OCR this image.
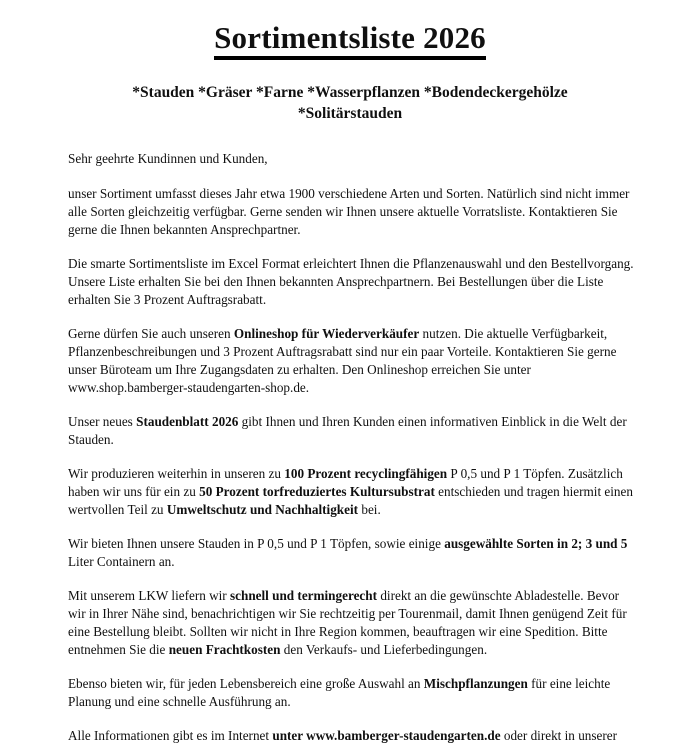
Sortimentsliste 2026
*Stauden *Gräser *Farne *Wasserpflanzen *Bodendeckergehölze
*Solitärstauden

Sehr geehrte Kundinnen und Kunden,

unser Sortiment umfasst dieses Jahr etwa 1900 verschiedene Arten und Sorten. Natürlich sind nicht immer alle Sorten gleichzeitig verfügbar. Gerne senden wir Ihnen unsere aktuelle Vorratsliste. Kontaktieren Sie gerne die Ihnen bekannten Ansprechpartner.

Die smarte Sortimentsliste im Excel Format erleichtert Ihnen die Pflanzenauswahl und den Bestellvorgang. Unsere Liste erhalten Sie bei den Ihnen bekannten Ansprechpartnern. Bei Bestellungen über die Liste erhalten Sie 3 Prozent Auftragsrabatt.

Gerne dürfen Sie auch unseren Onlineshop für Wiederverkäufer nutzen. Die aktuelle Verfügbarkeit, Pflanzenbeschreibungen und 3 Prozent Auftragsrabatt sind nur ein paar Vorteile. Kontaktieren Sie gerne unser Büroteam um Ihre Zugangsdaten zu erhalten. Den Onlineshop erreichen Sie unter www.shop.bamberger-staudengarten-shop.de.

Unser neues Staudenblatt 2026 gibt Ihnen und Ihren Kunden einen informativen Einblick in die Welt der Stauden.

Wir produzieren weiterhin in unseren zu 100 Prozent recyclingfähigen P 0,5 und P 1 Töpfen. Zusätzlich haben wir uns für ein zu 50 Prozent torfreduziertes Kultursubstrat entschieden und tragen hiermit einen wertvollen Teil zu Umweltschutz und Nachhaltigkeit bei.

Wir bieten Ihnen unsere Stauden in P 0,5 und P 1 Töpfen, sowie einige ausgewählte Sorten in 2; 3 und 5 Liter Containern an.

Mit unserem LKW liefern wir schnell und termingerecht direkt an die gewünschte Abladestelle. Bevor wir in Ihrer Nähe sind, benachrichtigen wir Sie rechtzeitig per Tourenmail, damit Ihnen genügend Zeit für eine Bestellung bleibt. Sollten wir nicht in Ihre Region kommen, beauftragen wir eine Spedition. Bitte entnehmen Sie die neuen Frachtkosten den Verkaufs- und Lieferbedingungen.

Ebenso bieten wir, für jeden Lebensbereich eine große Auswahl an Mischpflanzungen für eine leichte Planung und eine schnelle Ausführung an.

Alle Informationen gibt es im Internet unter www.bamberger-staudengarten.de oder direkt in unserer
